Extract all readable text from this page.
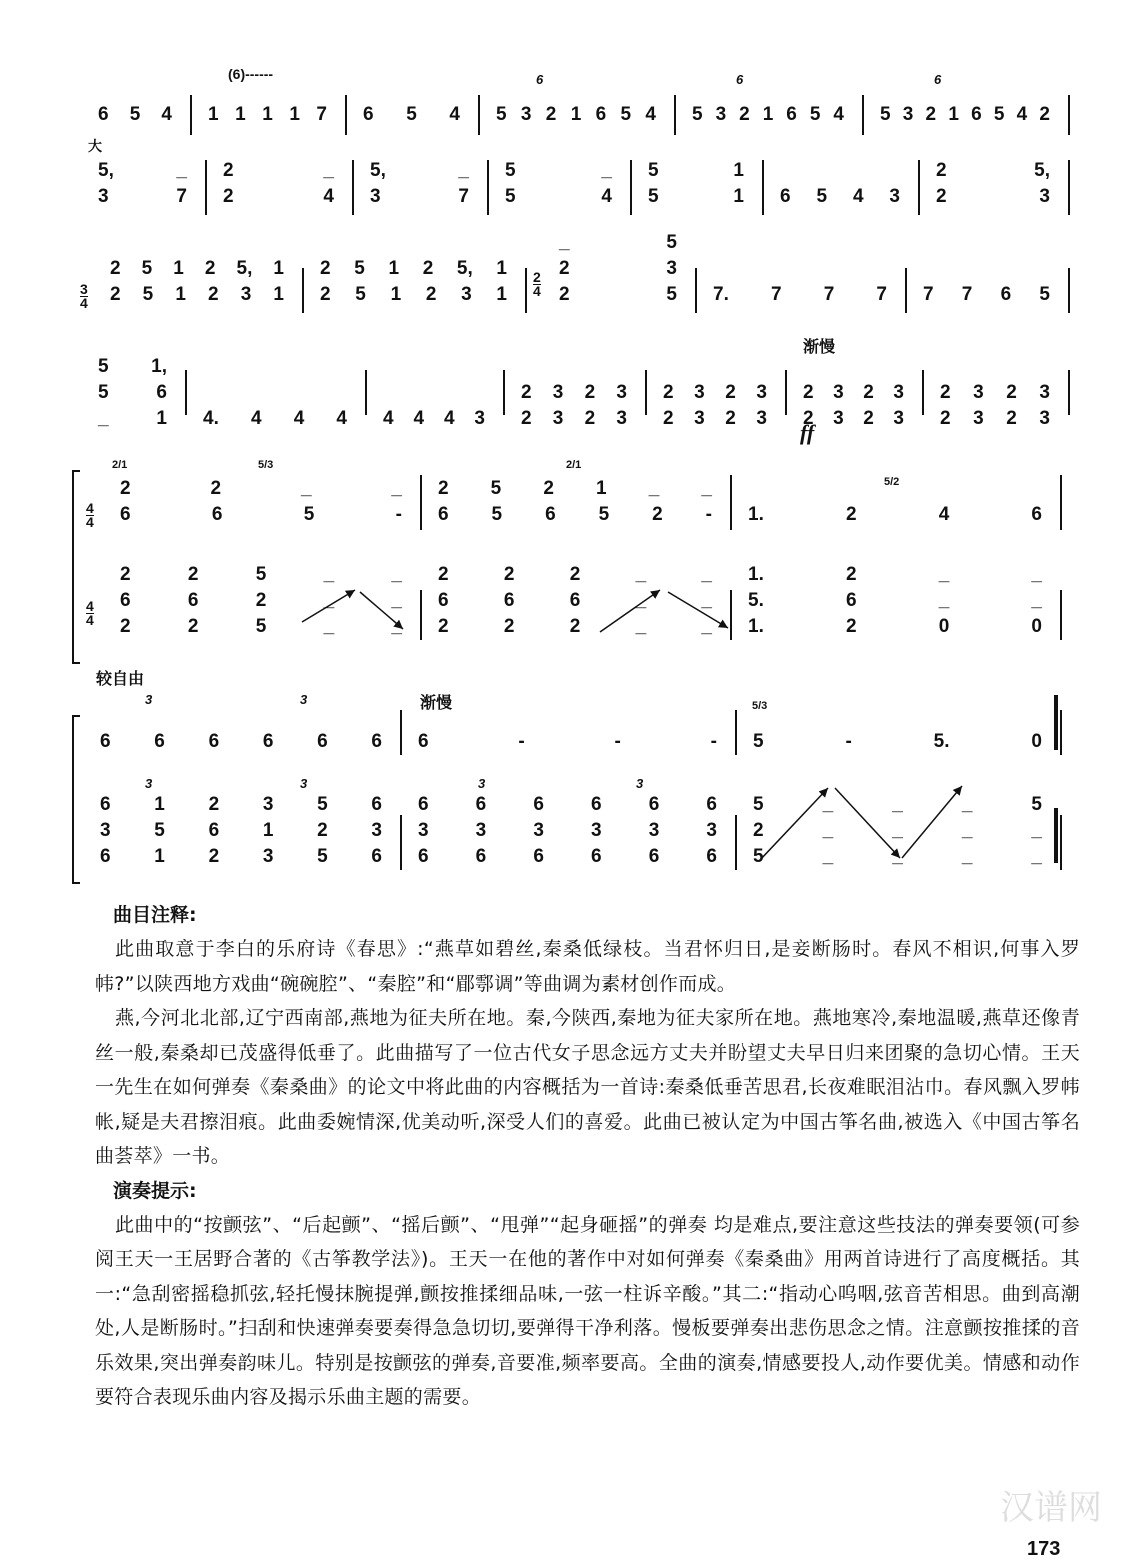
(6)------	6	6	6
大
渐慢
ff
较自由
渐慢
3	3
3	3	3	3
2/1	5/3	2/1
5/2
5/3
3
4
2
4
4
4
4
4
6 5 4	1 1 1 1 7	6 5 4	5 3 2 1 6 5 4	5 3 2 1 6 5 4	5 3 2 1 6 5 4 2
5, _
3 7
2 _
2 4
5, _
3 7
5 _
5 4
5 1
5 1	6 5 4 3
2 5,
2 3
2 5 1 2 5, 1
2 5 1 2 3 1
2 5 1 2 5, 1
2 5 1 2 3 1
_ 5
2 3
2 5	7. 7 7 7	7 7 6 5
5 1,
5 6
_ 1	4. 4 4 4	4 4 4 3
2 3 2 3
2 3 2 3
2 3 2 3
2 3 2 3
2 3 2 3
2 3 2 3
2 3 2 3
2 3 2 3
2 2 _ _
6 6 5 -
2 5 2 1 _ _
6 5 6 5 2 -	1. 2 4 6
2 2 5 _ _
6 6 2 _ _
2 2 5 _ _
2 2 2 _ _
6 6 6 _ _
2 2 2 _ _
1. 2 _ _
5. 6 _ _
1. 2 0 0
6 6 6 6 6 6	6 - - -	5 - 5. 0
6 1 2 3 5 6
3 5 6 1 2 3
6 1 2 3 5 6
6 6 6 6 6 6
3 3 3 3 3 3
6 6 6 6 6 6
5 _ _ _ 5
2 _ _ _ _
5 _ _ _ _
曲目注释:

此曲取意于李白的乐府诗《春思》:“燕草如碧丝,秦桑低绿枝。当君怀归日,是妾断肠时。春风不相识,何事入罗帏?”以陕西地方戏曲“碗碗腔”、“秦腔”和“郿鄠调”等曲调为素材创作而成。

燕,今河北北部,辽宁西南部,燕地为征夫所在地。秦,今陕西,秦地为征夫家所在地。燕地寒冷,秦地温暖,燕草还像青丝一般,秦桑却已茂盛得低垂了。此曲描写了一位古代女子思念远方丈夫并盼望丈夫早日归来团聚的急切心情。王天一先生在如何弹奏《秦桑曲》的论文中将此曲的内容概括为一首诗:秦桑低垂苦思君,长夜难眠泪沾巾。春风飘入罗帏帐,疑是夫君擦泪痕。此曲委婉情深,优美动听,深受人们的喜爱。此曲已被认定为中国古筝名曲,被选入《中国古筝名曲荟萃》一书。

演奏提示:

此曲中的“按颤弦”、“后起颤”、“摇后颤”、“甩弹”“起身砸摇”的弹奏 均是难点,要注意这些技法的弹奏要领(可参阅王天一王居野合著的《古筝教学法》)。王天一在他的著作中对如何弹奏《秦桑曲》用两首诗进行了高度概括。其一:“急刮密摇稳抓弦,轻托慢抹腕提弹,颤按推揉细品味,一弦一柱诉辛酸。”其二:“指动心呜咽,弦音苦相思。曲到高潮处,人是断肠时。”扫刮和快速弹奏要奏得急急切切,要弹得干净利落。慢板要弹奏出悲伤思念之情。注意颤按推揉的音乐效果,突出弹奏韵味儿。特别是按颤弦的弹奏,音要准,频率要高。全曲的演奏,情感要投人,动作要优美。情感和动作要符合表现乐曲内容及揭示乐曲主题的需要。

汉谱网
173
